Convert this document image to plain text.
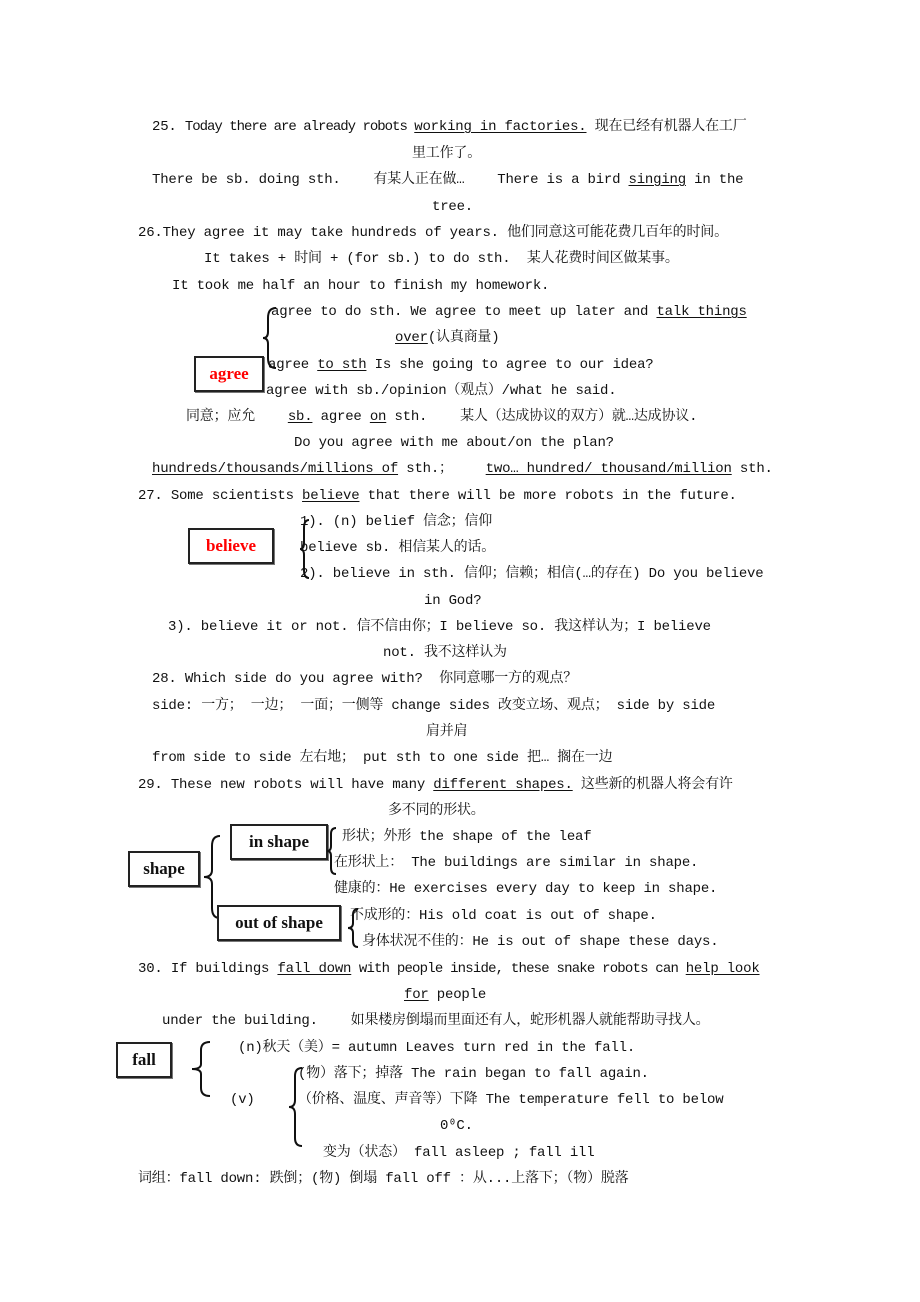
25. Today there are already robots working in factories. 现在已经有机器人在工厂
里工作了。
There be sb. doing sth. 有某人正在做… There is a bird singing in the
tree.
26.They agree it may take hundreds of years. 他们同意这可能花费几百年的时间。
It takes + 时间 + (for sb.) to do sth. 某人花费时间区做某事。
It took me half an hour to finish my homework.
agree to do sth. We agree to meet up later and talk things
over(认真商量)
agree agree to sth Is she going to agree to our idea?
agree with sb./opinion（观点）/what he said.
同意；应允 sb. agree on sth. 某人（达成协议的双方）就…达成协议.
Do you agree with me about/on the plan?
hundreds/thousands/millions of sth.； two… hundred/ thousand/million sth.
27. Some scientists believe that there will be more robots in the future.
believe
1). (n) belief 信念；信仰
believe sb. 相信某人的话。
2). believe in sth. 信仰；信赖；相信(…的存在) Do you believe
in God?
3). believe it or not. 信不信由你；I believe so. 我这样认为；I believe
not. 我不这样认为
28. Which side do you agree with? 你同意哪一方的观点？
side: 一方； 一边； 一面；一侧等 change sides 改变立场、观点； side by side
肩并肩
from side to side 左右地； put sth to one side 把… 搁在一边
29. These new robots will have many different shapes. 这些新的机器人将会有许
多不同的形状。
shape
in shape
out of shape
形状；外形 the shape of the leaf
在形状上： The buildings are similar in shape.
健康的：He exercises every day to keep in shape.
不成形的：His old coat is out of shape.
身体状况不佳的：He is out of shape these days.
30. If buildings fall down with people inside, these snake robots can help look
for people
under the building. 如果楼房倒塌而里面还有人，蛇形机器人就能帮助寻找人。
fall
(n)秋天（美）= autumn Leaves turn red in the fall.
(v)
(物）落下；掉落 The rain began to fall again.
（价格、温度、声音等）下降 The temperature fell to below
0⁰C.
变为（状态） fall asleep ; fall ill
词组：fall down: 跌倒；(物) 倒塌 fall off ：从...上落下；（物）脱落
